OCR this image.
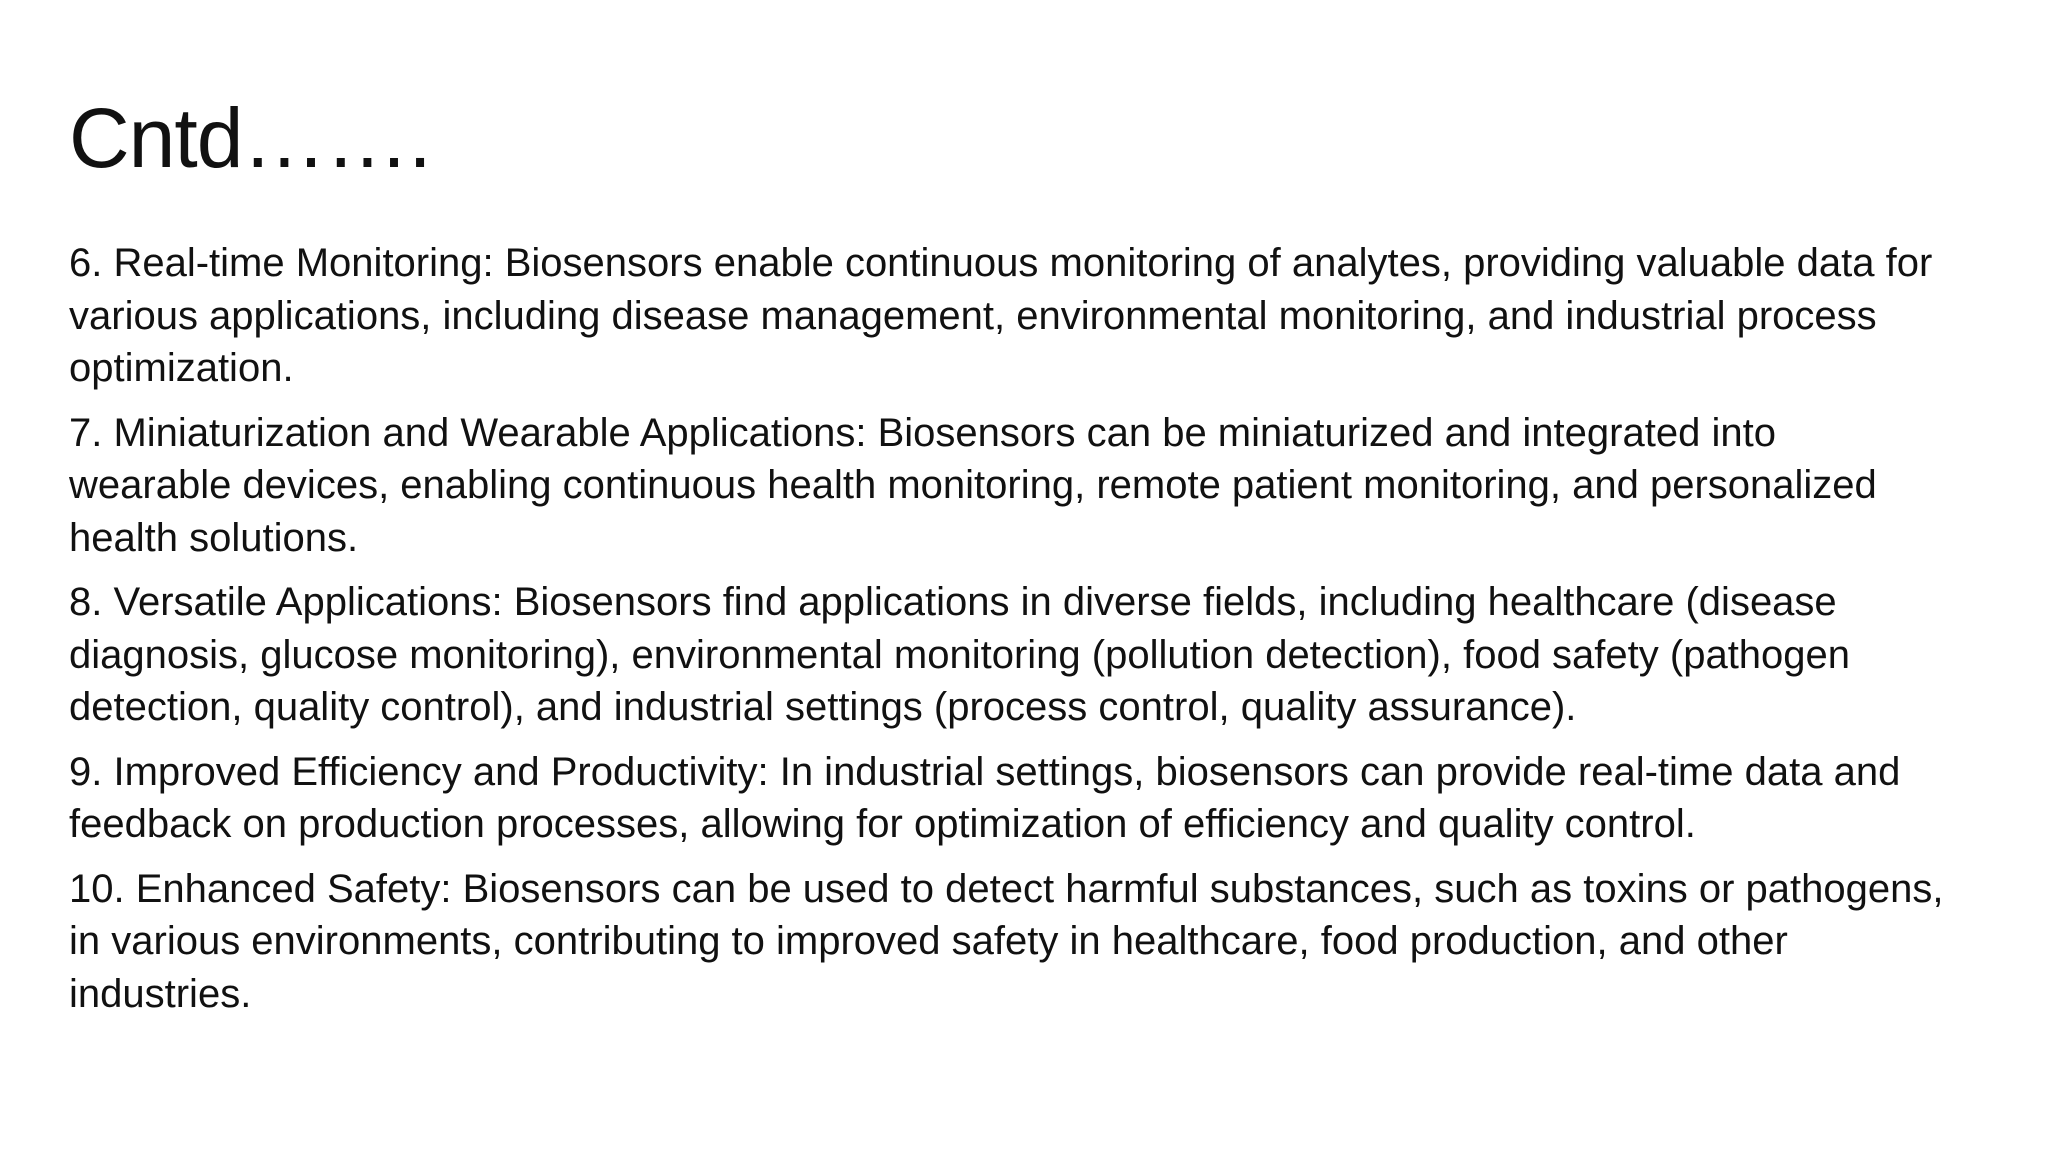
Cntd…….

6. Real-time Monitoring: Biosensors enable continuous monitoring of analytes, providing valuable data for various applications, including disease management, environmental monitoring, and industrial process optimization.

7. Miniaturization and Wearable Applications: Biosensors can be miniaturized and integrated into wearable devices, enabling continuous health monitoring, remote patient monitoring, and personalized health solutions.

8. Versatile Applications: Biosensors find applications in diverse fields, including healthcare (disease diagnosis, glucose monitoring), environmental monitoring (pollution detection), food safety (pathogen detection, quality control), and industrial settings (process control, quality assurance).

9. Improved Efficiency and Productivity: In industrial settings, biosensors can provide real-time data and feedback on production processes, allowing for optimization of efficiency and quality control.

10. Enhanced Safety: Biosensors can be used to detect harmful substances, such as toxins or pathogens, in various environments, contributing to improved safety in healthcare, food production, and other industries.
